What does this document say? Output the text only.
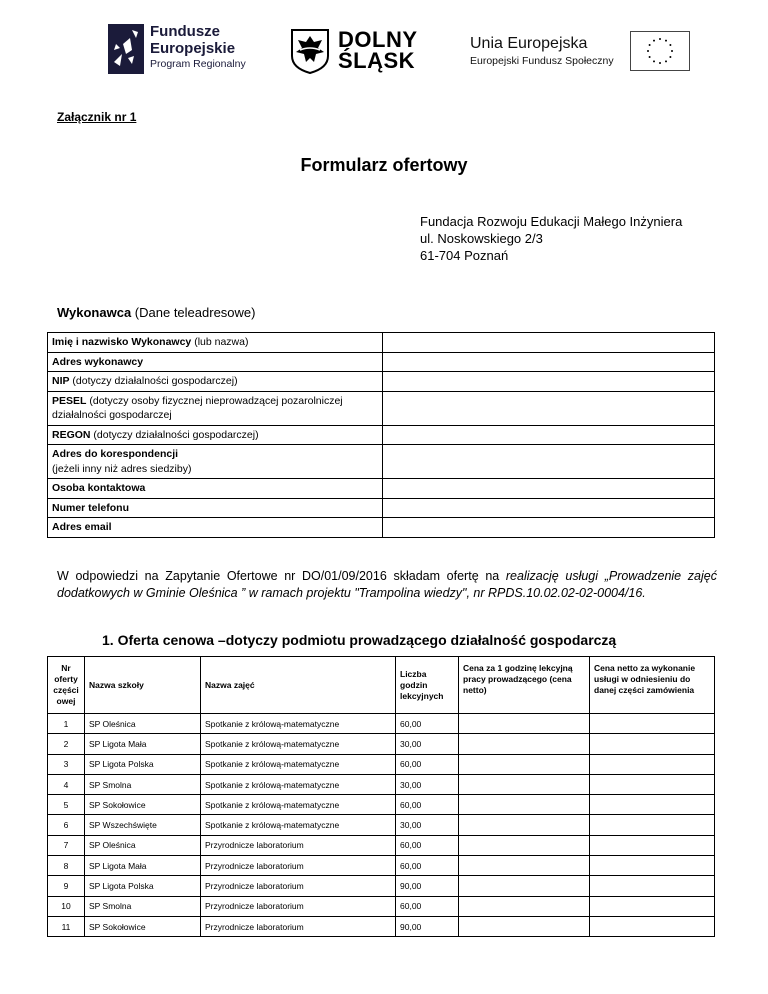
Fundusze
Europejskie
Program Regionalny
DOLNY
ŚLĄSK
Unia Europejska
Europejski Fundusz Społeczny
Załącznik nr 1
Formularz ofertowy
Fundacja Rozwoju Edukacji Małego Inżyniera
ul. Noskowskiego 2/3
61-704 Poznań
Wykonawca (Dane teleadresowe)
Imię i nazwisko Wykonawcy (lub nazwa)	
Adres wykonawcy	
NIP (dotyczy działalności gospodarczej)	
PESEL (dotyczy osoby fizycznej nieprowadzącej pozarolniczej działalności gospodarczej	
REGON (dotyczy działalności gospodarczej)	
Adres do korespondencji
(jeżeli inny niż adres siedziby)	
Osoba kontaktowa	
Numer telefonu	
Adres email	
W odpowiedzi na Zapytanie Ofertowe nr DO/01/09/2016 składam ofertę na realizację usługi „Prowadzenie zajęć dodatkowych w Gminie Oleśnica ” w ramach projektu "Trampolina wiedzy", nr RPDS.10.02.02-02-0004/16.
1. Oferta cenowa –dotyczy podmiotu prowadzącego działalność gospodarczą
Nr oferty części owej	Nazwa szkoły	Nazwa zajęć	Liczba godzin lekcyjnych	Cena za 1 godzinę lekcyjną pracy prowadzącego (cena netto)	Cena netto za wykonanie usługi w odniesieniu do danej części zamówienia
1	SP Oleśnica	Spotkanie z królową-matematyczne	60,00		
2	SP Ligota Mała	Spotkanie z królową-matematyczne	30,00		
3	SP Ligota Polska	Spotkanie z królową-matematyczne	60,00		
4	SP Smolna	Spotkanie z królową-matematyczne	30,00		
5	SP Sokołowice	Spotkanie z królową-matematyczne	60,00		
6	SP Wszechświęte	Spotkanie z królową-matematyczne	30,00		
7	SP Oleśnica	Przyrodnicze laboratorium	60,00		
8	SP Ligota Mała	Przyrodnicze laboratorium	60,00		
9	SP Ligota Polska	Przyrodnicze laboratorium	90,00		
10	SP Smolna	Przyrodnicze laboratorium	60,00		
11	SP Sokołowice	Przyrodnicze laboratorium	90,00		
